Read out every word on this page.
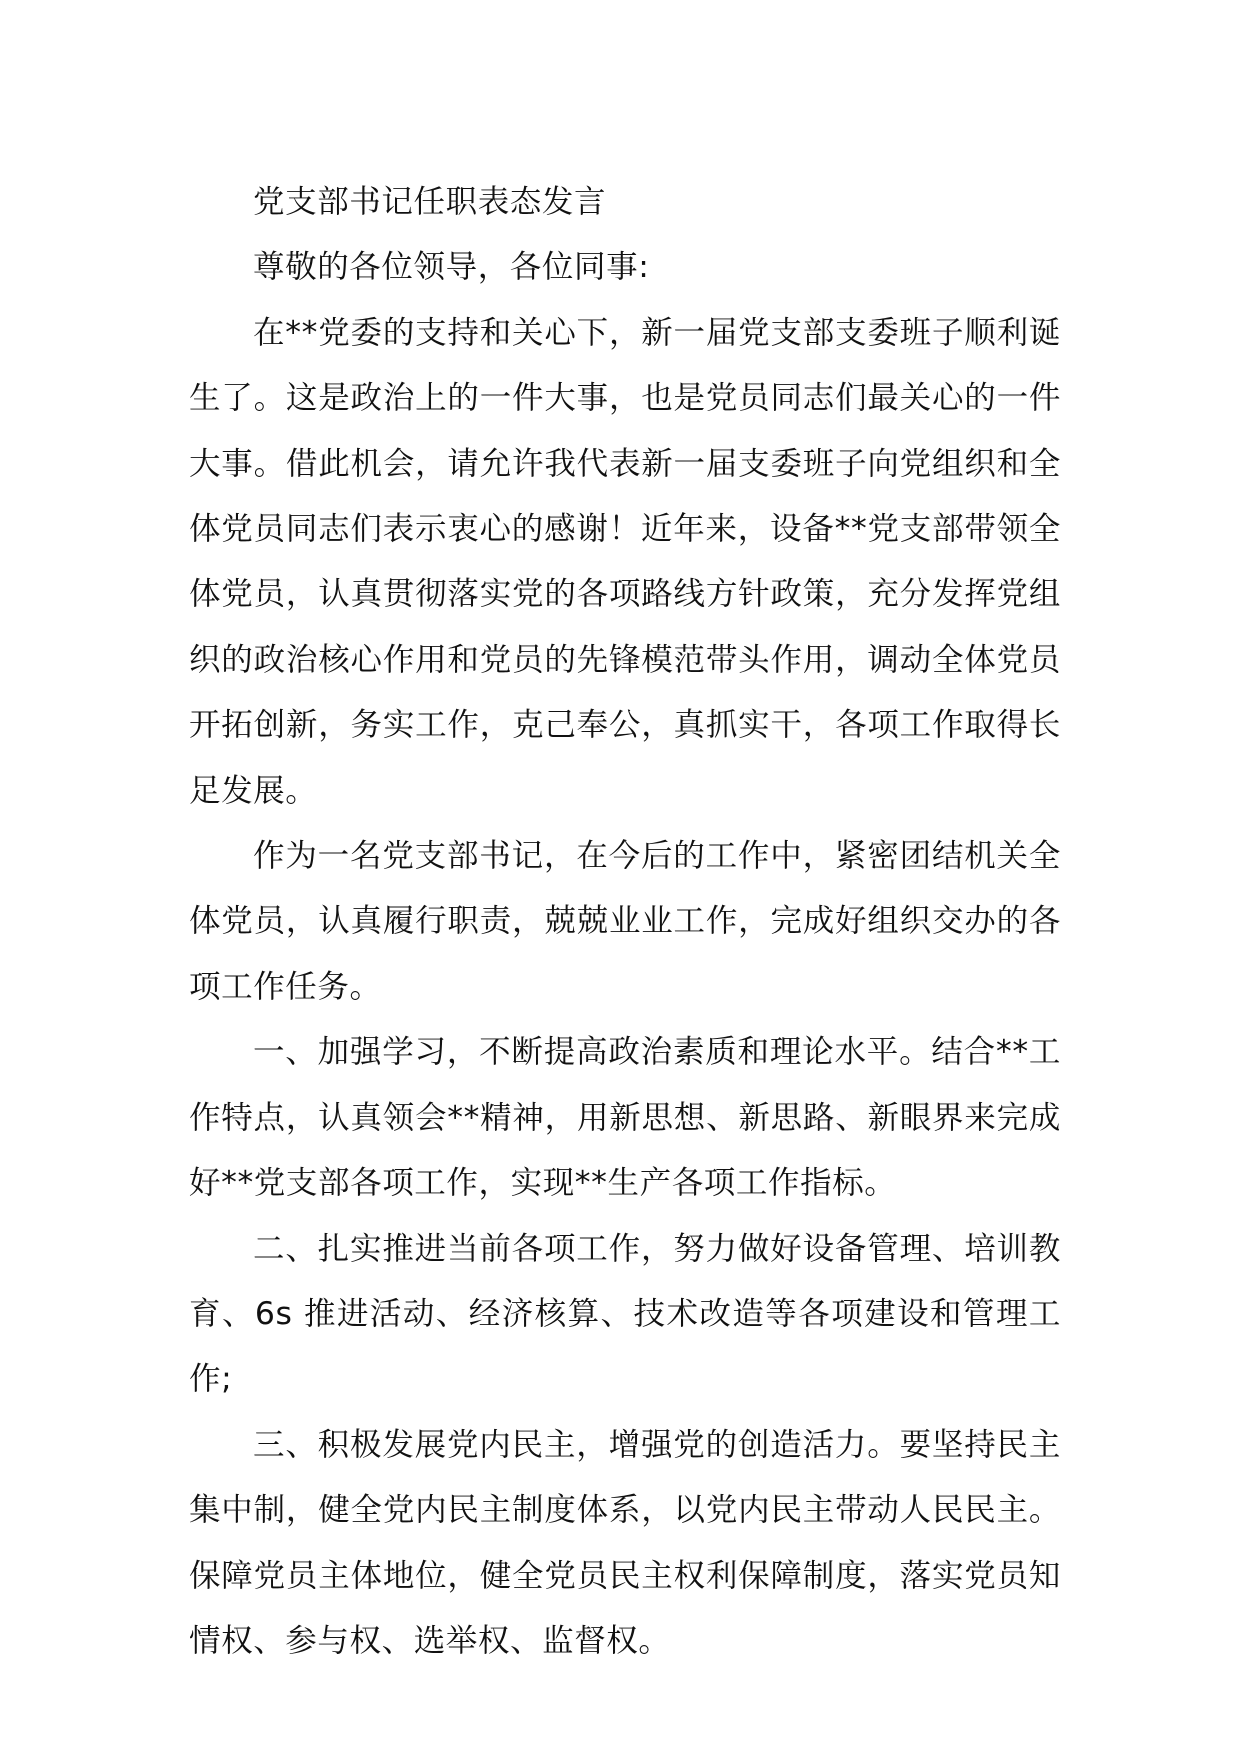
党支部书记任职表态发言

尊敬的各位领导，各位同事:

在**党委的支持和关心下，新一届党支部支委班子顺利诞生了。这是政治上的一件大事，也是党员同志们最关心的一件大事。借此机会，请允许我代表新一届支委班子向党组织和全体党员同志们表示衷心的感谢！近年来，设备**党支部带领全体党员，认真贯彻落实党的各项路线方针政策，充分发挥党组织的政治核心作用和党员的先锋模范带头作用，调动全体党员开拓创新，务实工作，克己奉公，真抓实干，各项工作取得长足发展。

作为一名党支部书记，在今后的工作中，紧密团结机关全体党员，认真履行职责，兢兢业业工作，完成好组织交办的各项工作任务。

一、加强学习，不断提高政治素质和理论水平。结合**工作特点，认真领会**精神，用新思想、新思路、新眼界来完成好**党支部各项工作，实现**生产各项工作指标。

二、扎实推进当前各项工作，努力做好设备管理、培训教育、6s 推进活动、经济核算、技术改造等各项建设和管理工作;

三、积极发展党内民主，增强党的创造活力。要坚持民主集中制，健全党内民主制度体系，以党内民主带动人民民主。保障党员主体地位，健全党员民主权利保障制度，落实党员知情权、参与权、选举权、监督权。
